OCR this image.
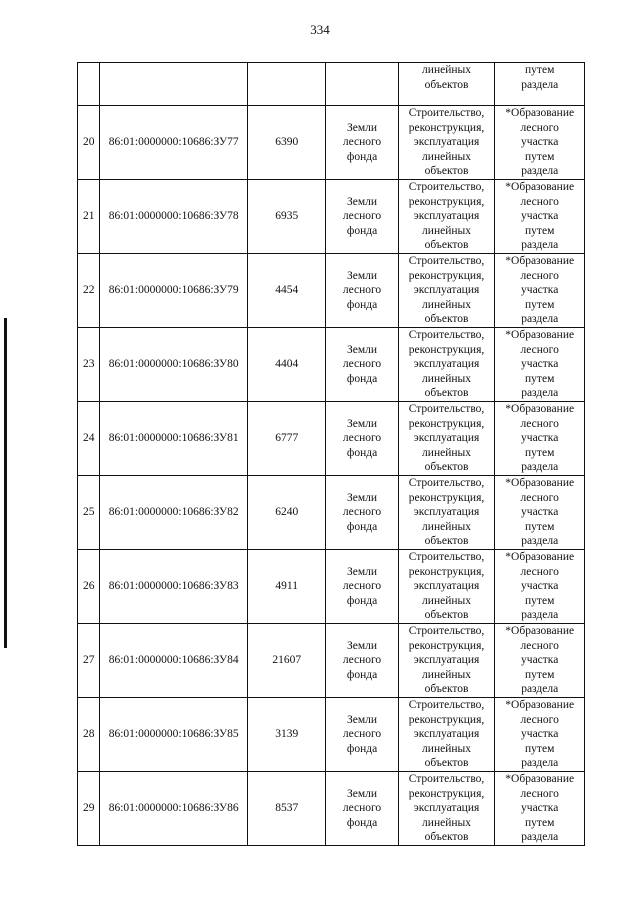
334

				линейных
объектов	путем
раздела

20	86:01:0000000:10686:ЗУ77	6390	Земли
лесного
фонда	Строительство,
реконструкция,
эксплуатация
линейных
объектов	*Образование
лесного
участка
путем
раздела

21	86:01:0000000:10686:ЗУ78	6935	Земли
лесного
фонда	Строительство,
реконструкция,
эксплуатация
линейных
объектов	*Образование
лесного
участка
путем
раздела

22	86:01:0000000:10686:ЗУ79	4454	Земли
лесного
фонда	Строительство,
реконструкция,
эксплуатация
линейных
объектов	*Образование
лесного
участка
путем
раздела

23	86:01:0000000:10686:ЗУ80	4404	Земли
лесного
фонда	Строительство,
реконструкция,
эксплуатация
линейных
объектов	*Образование
лесного
участка
путем
раздела

24	86:01:0000000:10686:ЗУ81	6777	Земли
лесного
фонда	Строительство,
реконструкция,
эксплуатация
линейных
объектов	*Образование
лесного
участка
путем
раздела

25	86:01:0000000:10686:ЗУ82	6240	Земли
лесного
фонда	Строительство,
реконструкция,
эксплуатация
линейных
объектов	*Образование
лесного
участка
путем
раздела

26	86:01:0000000:10686:ЗУ83	4911	Земли
лесного
фонда	Строительство,
реконструкция,
эксплуатация
линейных
объектов	*Образование
лесного
участка
путем
раздела

27	86:01:0000000:10686:ЗУ84	21607	Земли
лесного
фонда	Строительство,
реконструкция,
эксплуатация
линейных
объектов	*Образование
лесного
участка
путем
раздела

28	86:01:0000000:10686:ЗУ85	3139	Земли
лесного
фонда	Строительство,
реконструкция,
эксплуатация
линейных
объектов	*Образование
лесного
участка
путем
раздела

29	86:01:0000000:10686:ЗУ86	8537	Земли
лесного
фонда	Строительство,
реконструкция,
эксплуатация
линейных
объектов	*Образование
лесного
участка
путем
раздела
